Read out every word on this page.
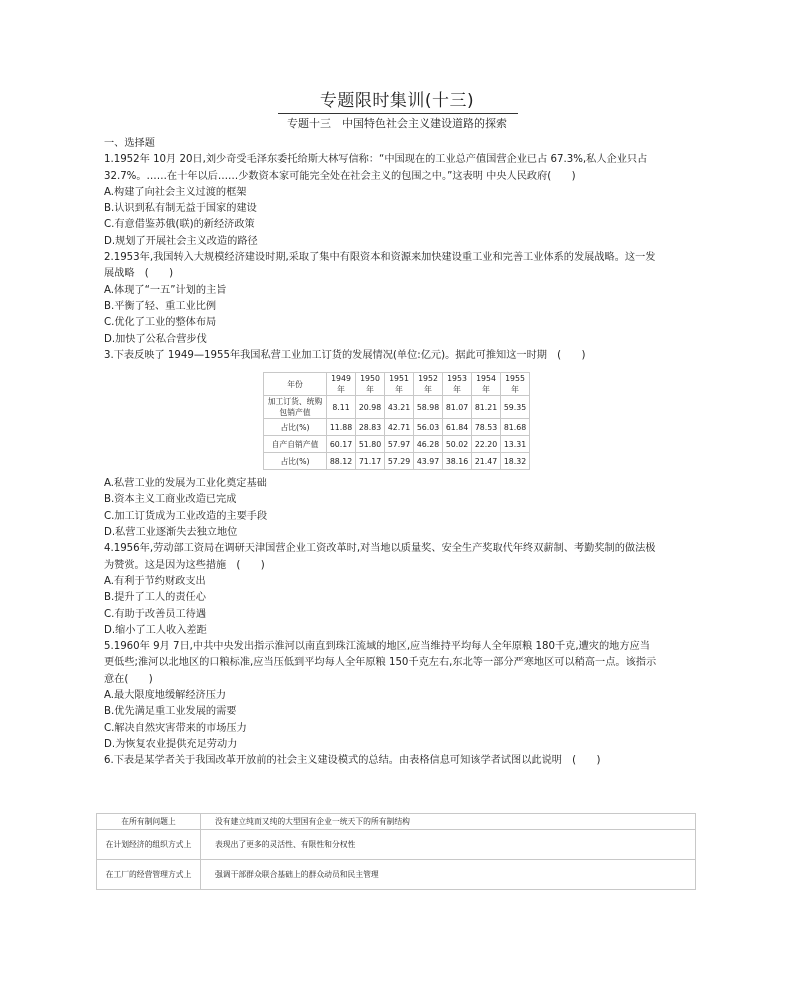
专题限时集训(十三)
专题十三　中国特色社会主义建设道路的探索
一、选择题
1.1952年 10月 20日,刘少奇受毛泽东委托给斯大林写信称：“中国现在的工业总产值国营企业已占 67.3%,私人企业只占
32.7%。……在十年以后……少数资本家可能完全处在社会主义的包围之中。”这表明 中央人民政府(　　)
A.构建了向社会主义过渡的框架
B.认识到私有制无益于国家的建设
C.有意借鉴苏俄(联)的新经济政策
D.规划了开展社会主义改造的路径
2.1953年,我国转入大规模经济建设时期,采取了集中有限资本和资源来加快建设重工业和完善工业体系的发展战略。这一发
展战略　(　　)
A.体现了“一五”计划的主旨
B.平衡了轻、重工业比例
C.优化了工业的整体布局
D.加快了公私合营步伐
3.下表反映了 1949—1955年我国私营工业加工订货的发展情况(单位:亿元)。据此可推知这一时期　(　　)
年份	1949年	1950年	1951年	1952年	1953年	1954年	1955年
加工订货、统购包销产值	8.11	20.98	43.21	58.98	81.07	81.21	59.35
占比(%)	11.88	28.83	42.71	56.03	61.84	78.53	81.68
自产自销产值	60.17	51.80	57.97	46.28	50.02	22.20	13.31
占比(%)	88.12	71.17	57.29	43.97	38.16	21.47	18.32
A.私营工业的发展为工业化奠定基础
B.资本主义工商业改造已完成
C.加工订货成为工业改造的主要手段
D.私营工业逐渐失去独立地位
4.1956年,劳动部工资局在调研天津国营企业工资改革时,对当地以质量奖、安全生产奖取代年终双薪制、考勤奖制的做法极
为赞赏。这是因为这些措施　(　　)
A.有利于节约财政支出
B.提升了工人的责任心
C.有助于改善员工待遇
D.缩小了工人收入差距
5.1960年 9月 7日,中共中央发出指示淮河以南直到珠江流域的地区,应当维持平均每人全年原粮 180千克,遭灾的地方应当
更低些;淮河以北地区的口粮标准,应当压低到平均每人全年原粮 150千克左右,东北等一部分严寒地区可以稍高一点。该指示
意在(　　)
A.最大限度地缓解经济压力
B.优先满足重工业发展的需要
C.解决自然灾害带来的市场压力
D.为恢复农业提供充足劳动力
6.下表是某学者关于我国改革开放前的社会主义建设模式的总结。由表格信息可知该学者试图以此说明　(　　)
在所有制问题上	没有建立纯而又纯的大型国有企业一统天下的所有制结构
在计划经济的组织方式上	表现出了更多的灵活性、有限性和分权性
在工厂的经营管理方式上	强调干部群众联合基础上的群众动员和民主管理
